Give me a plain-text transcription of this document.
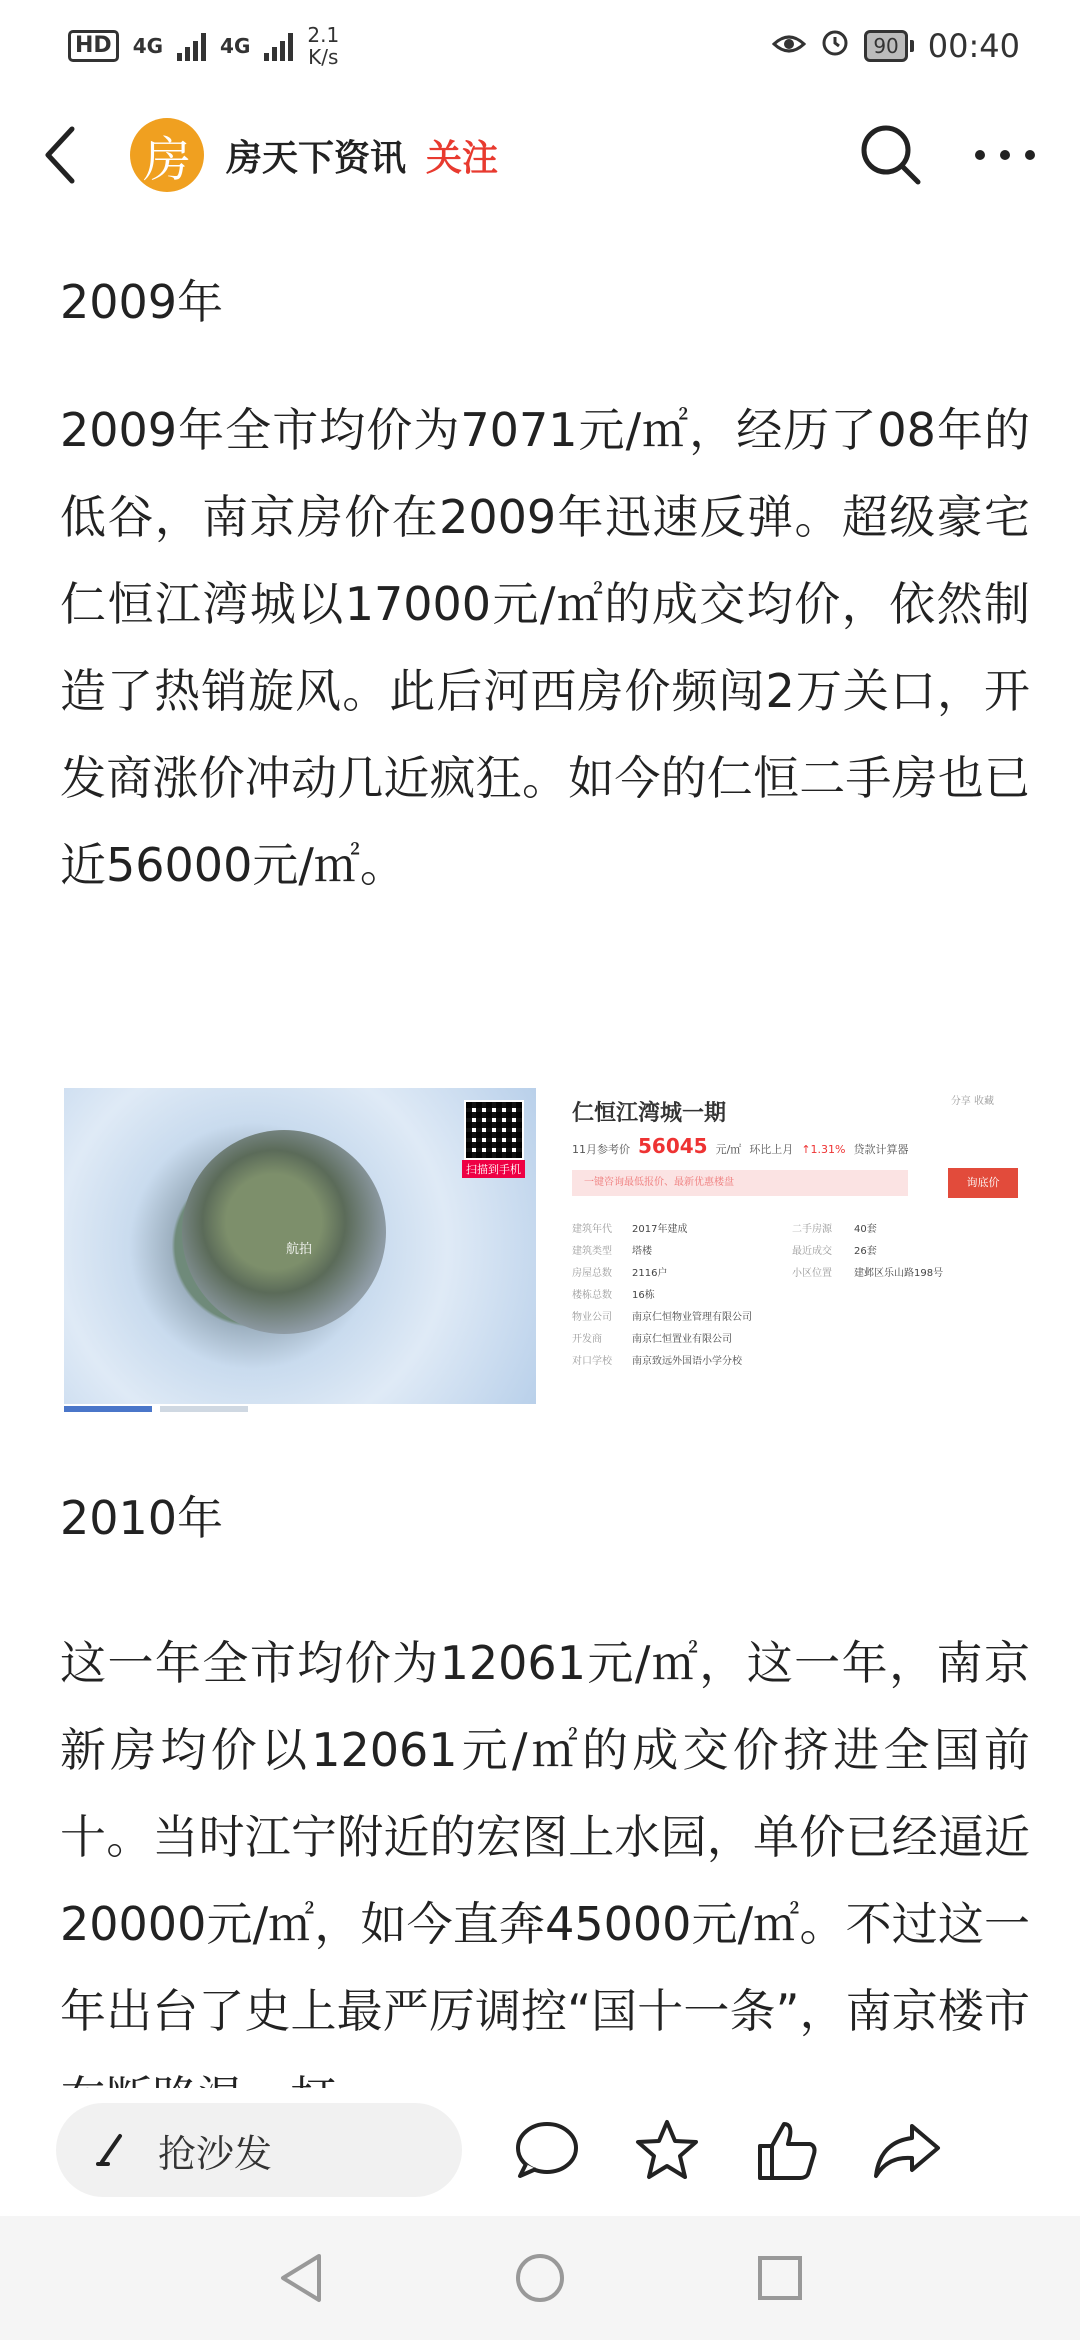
HD	4G	4G	2.1
K/s	90 00:40
房 房天下资讯 关注
2009年

2009年全市均价为7071元/㎡，经历了08年的低谷，南京房价在2009年迅速反弹。超级豪宅仁恒江湾城以17000元/㎡的成交均价，依然制造了热销旋风。此后河西房价频闯2万关口，开发商涨价冲动几近疯狂。如今的仁恒二手房也已近56000元/㎡。

扫描到手机
航拍
分享 收藏
仁恒江湾城一期
11月参考价 56045 元/㎡ 环比上月 ↑1.31% 贷款计算器
一键咨询最低报价、最新优惠楼盘	询底价
建筑年代	2017年建成	二手房源	40套
建筑类型	塔楼	最近成交	26套
房屋总数	2116户	小区位置	建邺区乐山路198号
楼栋总数	16栋
物业公司	南京仁恒物业管理有限公司
开发商	南京仁恒置业有限公司
对口学校	南京致远外国语小学分校
2010年

这一年全市均价为12061元/㎡，这一年，南京新房均价以12061元/㎡的成交价挤进全国前十。当时江宁附近的宏图上水园，单价已经逼近20000元/㎡，如今直奔45000元/㎡。不过这一年出台了史上最严厉调控“国十一条”，南京楼市

抢沙发
